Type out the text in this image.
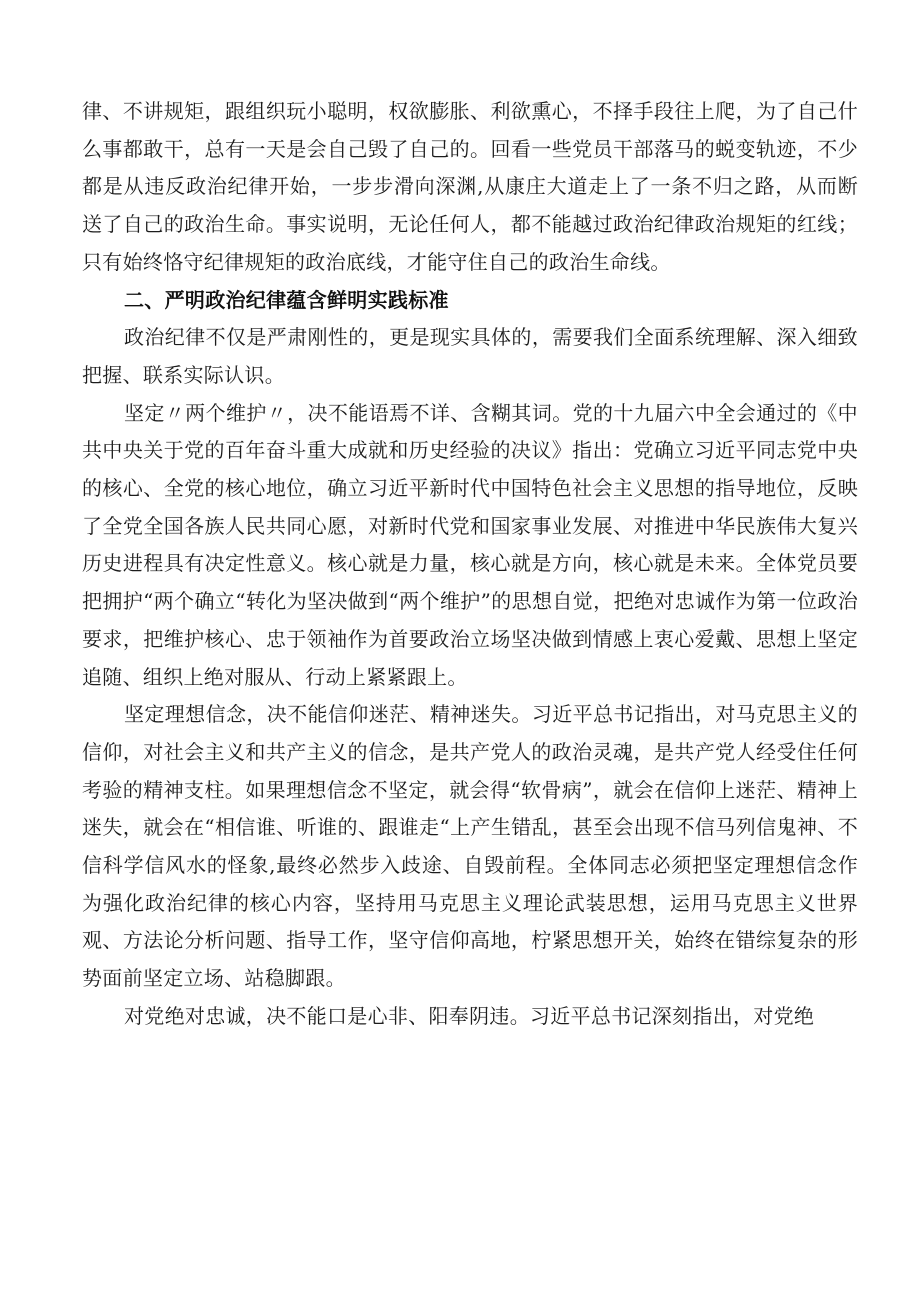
律、不讲规矩，跟组织玩小聪明，权欲膨胀、利欲熏心，不择手段往上爬，为了自己什么事都敢干，总有一天是会自己毁了自己的。回看一些党员干部落马的蜕变轨迹，不少都是从违反政治纪律开始，一步步滑向深渊,从康庄大道走上了一条不归之路，从而断送了自己的政治生命。事实说明，无论任何人，都不能越过政治纪律政治规矩的红线；只有始终恪守纪律规矩的政治底线，才能守住自己的政治生命线。

二、严明政治纪律蕴含鲜明实践标准

政治纪律不仅是严肃刚性的，更是现实具体的，需要我们全面系统理解、深入细致把握、联系实际认识。

坚定〃两个维护〃，决不能语焉不详、含糊其词。党的十九届六中全会通过的《中共中央关于党的百年奋斗重大成就和历史经验的决议》指出：党确立习近平同志党中央的核心、全党的核心地位，确立习近平新时代中国特色社会主义思想的指导地位，反映了全党全国各族人民共同心愿，对新时代党和国家事业发展、对推进中华民族伟大复兴历史进程具有决定性意义。核心就是力量，核心就是方向，核心就是未来。全体党员要把拥护“两个确立“转化为坚决做到“两个维护”的思想自觉，把绝对忠诚作为第一位政治要求，把维护核心、忠于领袖作为首要政治立场坚决做到情感上衷心爱戴、思想上坚定追随、组织上绝对服从、行动上紧紧跟上。

坚定理想信念，决不能信仰迷茫、精神迷失。习近平总书记指出，对马克思主义的信仰，对社会主义和共产主义的信念，是共产党人的政治灵魂，是共产党人经受住任何考验的精神支柱。如果理想信念不坚定，就会得“软骨病”，就会在信仰上迷茫、精神上迷失，就会在“相信谁、听谁的、跟谁走“上产生错乱，甚至会出现不信马列信鬼神、不信科学信风水的怪象,最终必然步入歧途、自毁前程。全体同志必须把坚定理想信念作为强化政治纪律的核心内容，坚持用马克思主义理论武装思想，运用马克思主义世界观、方法论分析问题、指导工作，坚守信仰高地，柠紧思想开关，始终在错综复杂的形势面前坚定立场、站稳脚跟。

对党绝对忠诚，决不能口是心非、阳奉阴违。习近平总书记深刻指出，对党绝
